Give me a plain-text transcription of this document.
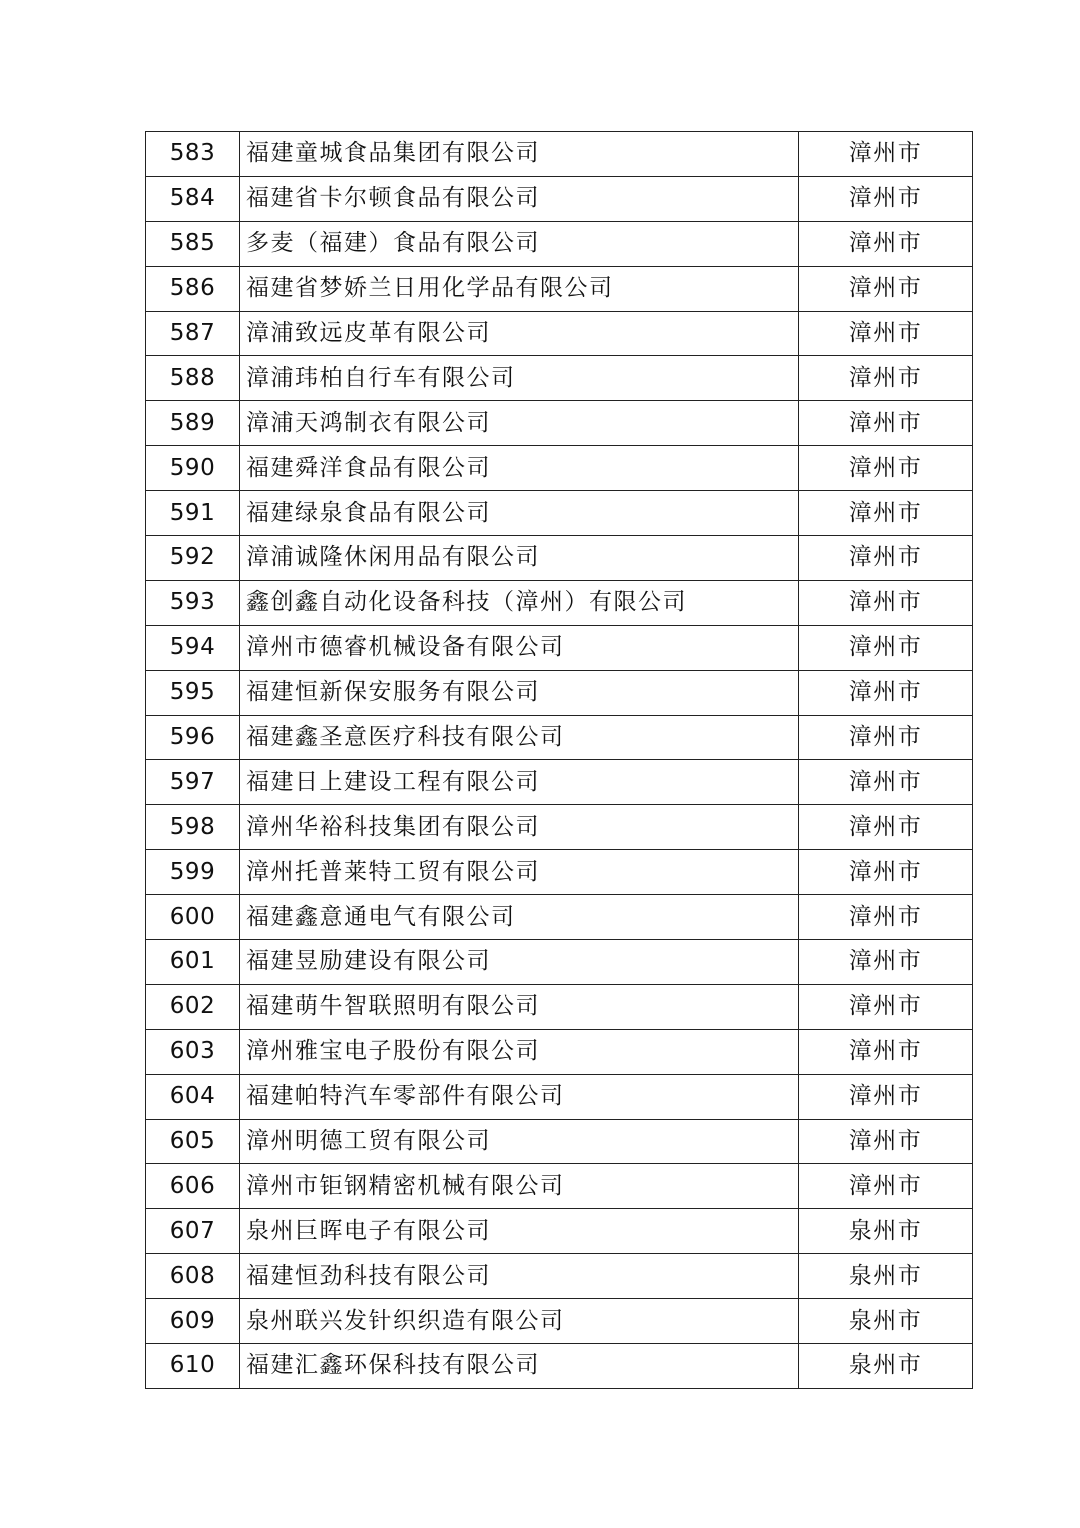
583	福建童城食品集团有限公司	漳州市
584	福建省卡尔顿食品有限公司	漳州市
585	多麦（福建）食品有限公司	漳州市
586	福建省梦娇兰日用化学品有限公司	漳州市
587	漳浦致远皮革有限公司	漳州市
588	漳浦玮柏自行车有限公司	漳州市
589	漳浦天鸿制衣有限公司	漳州市
590	福建舜洋食品有限公司	漳州市
591	福建绿泉食品有限公司	漳州市
592	漳浦诚隆休闲用品有限公司	漳州市
593	鑫创鑫自动化设备科技（漳州）有限公司	漳州市
594	漳州市德睿机械设备有限公司	漳州市
595	福建恒新保安服务有限公司	漳州市
596	福建鑫圣意医疗科技有限公司	漳州市
597	福建日上建设工程有限公司	漳州市
598	漳州华裕科技集团有限公司	漳州市
599	漳州托普莱特工贸有限公司	漳州市
600	福建鑫意通电气有限公司	漳州市
601	福建昱励建设有限公司	漳州市
602	福建萌牛智联照明有限公司	漳州市
603	漳州雅宝电子股份有限公司	漳州市
604	福建帕特汽车零部件有限公司	漳州市
605	漳州明德工贸有限公司	漳州市
606	漳州市钜钢精密机械有限公司	漳州市
607	泉州巨晖电子有限公司	泉州市
608	福建恒劲科技有限公司	泉州市
609	泉州联兴发针织织造有限公司	泉州市
610	福建汇鑫环保科技有限公司	泉州市
